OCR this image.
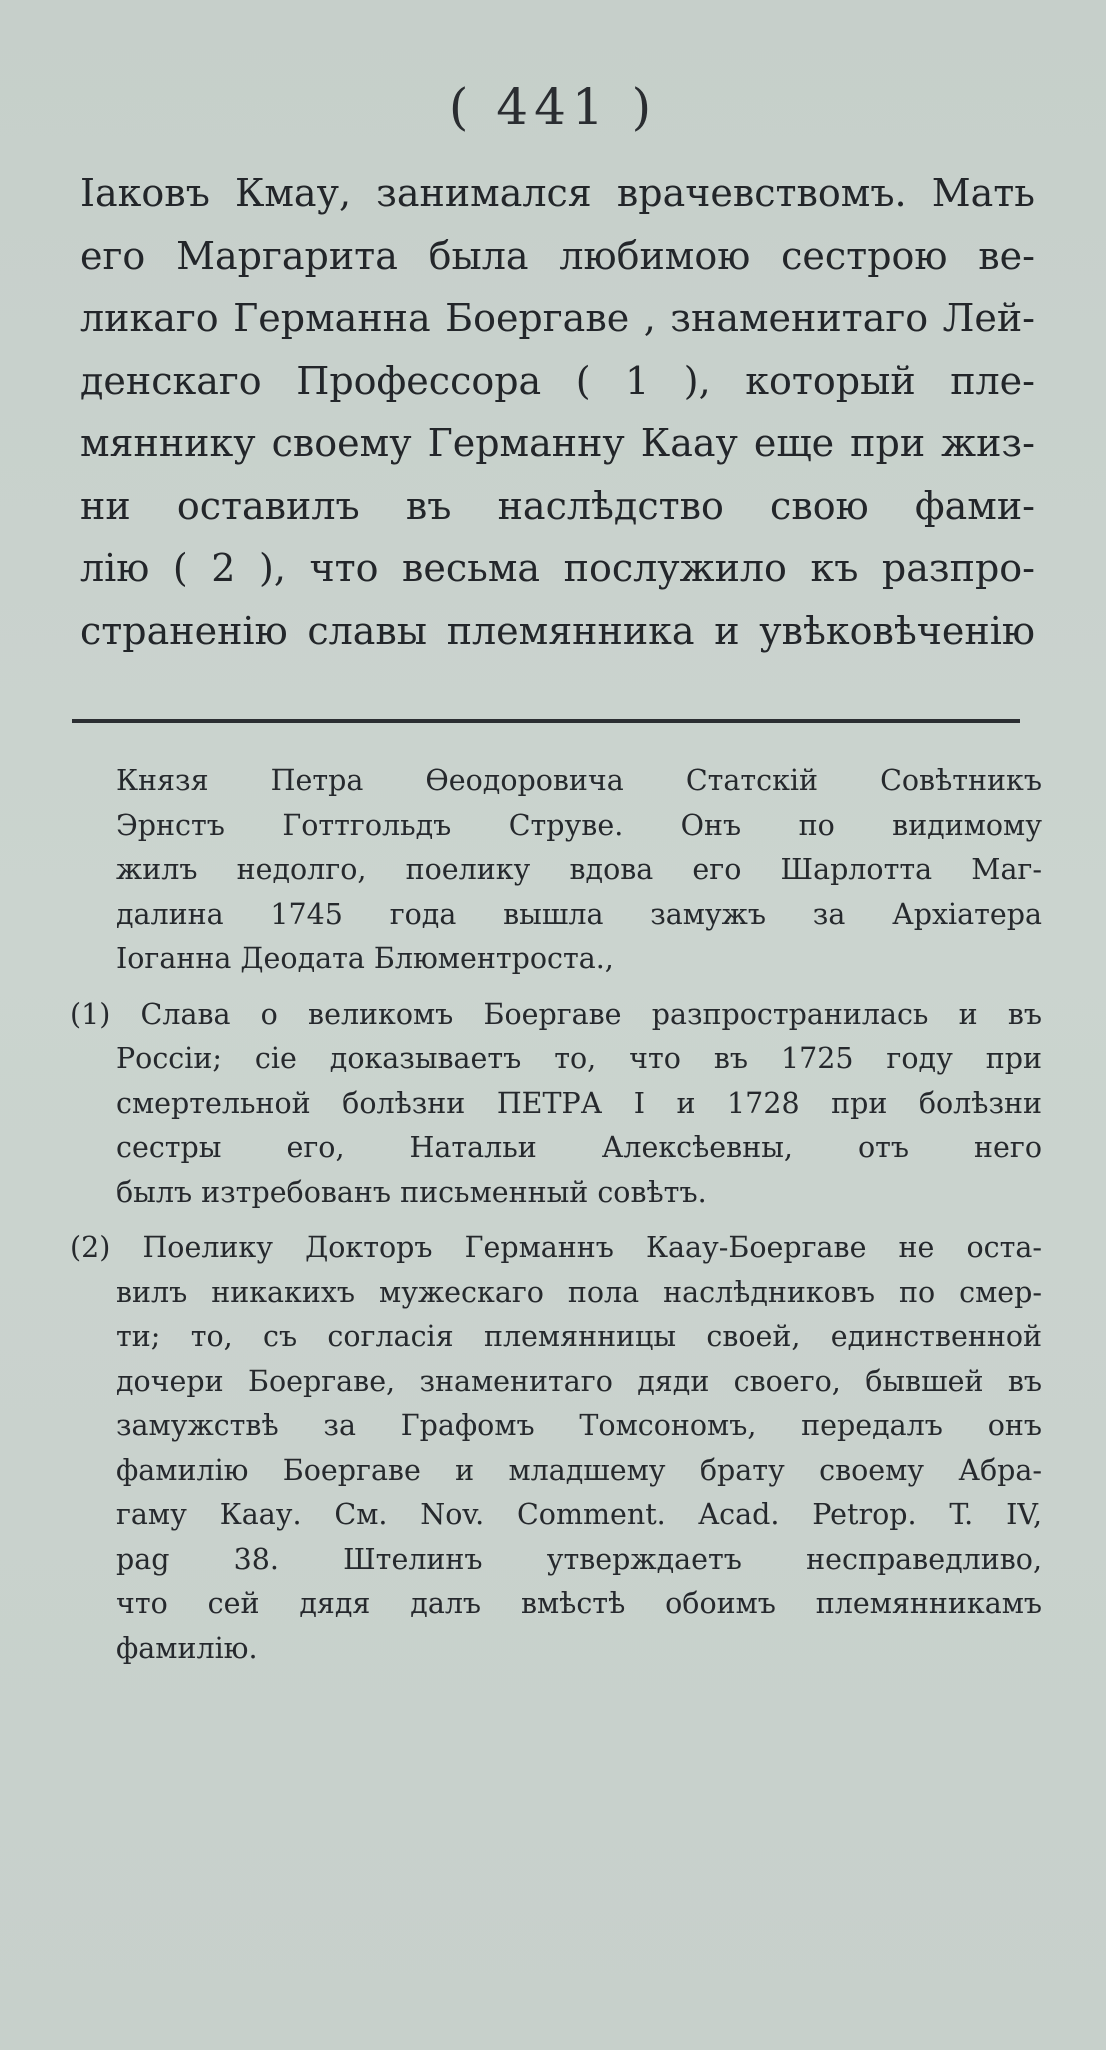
( 441 )
Іаковъ Кмау, занимался врачевствомъ. Мать
его Маргарита была любимою сестрою ве-
ликаго Германна Боергаве , знаменитаго Лей-
денскаго Профессора ( 1 ), который пле-
мяннику своему Германну Каау еще при жиз-
ни оставилъ въ наслѣдство свою фами-
лію ( 2 ), что весьма послужило къ разпро-
страненію славы племянника и увѣковѣченію
Князя Петра Ѳеодоровича Статскій Совѣтникъ
Эрнстъ Готтгольдъ Струве. Онъ по видимому
жилъ недолго, поелику вдова его Шарлотта Маг-
далина 1745 года вышла замужъ за Архіатера
Іоганна Деодата Блюментроста.,
(1) Слава о великомъ Боергаве разпространилась и въ
Россіи; сіе доказываетъ то, что въ 1725 году при
смертельной болѣзни ПЕТРА I и 1728 при болѣзни
сестры его, Натальи Алексѣевны, отъ него
былъ изтребованъ письменный совѣтъ.
(2) Поелику Докторъ Германнъ Каау-Боергаве не оста-
вилъ никакихъ мужескаго пола наслѣдниковъ по смер-
ти; то, съ согласія племянницы своей, единственной
дочери Боергаве, знаменитаго дяди своего, бывшей въ
замужствѣ за Графомъ Томсономъ, передалъ онъ
фамилію Боергаве и младшему брату своему Абра-
гаму Каау. См. Nov. Comment. Acad. Petrop. T. IV,
pag 38. Штелинъ утверждаетъ несправедливо,
что сей дядя далъ вмѣстѣ обоимъ племянникамъ
фамилію.
